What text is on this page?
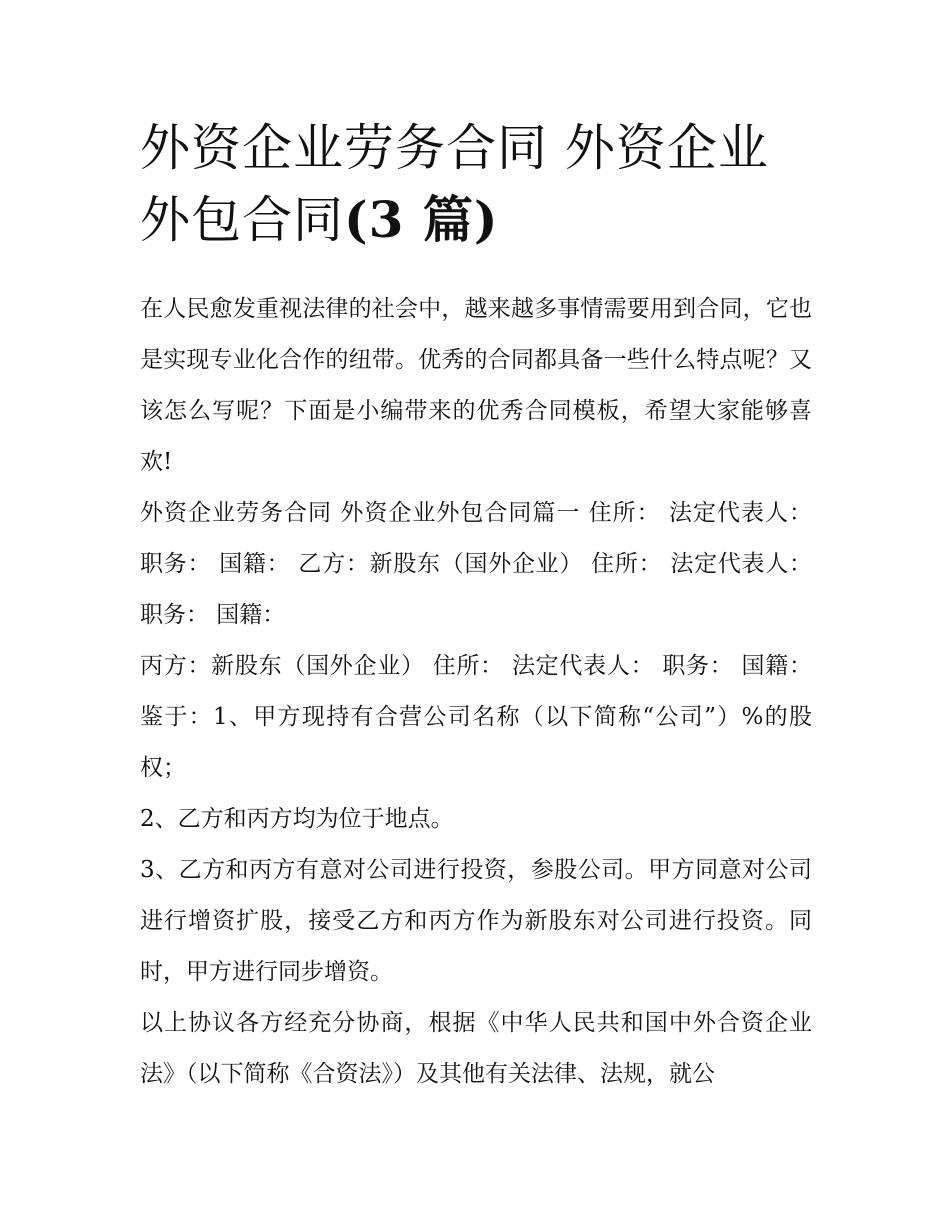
外资企业劳务合同 外资企业外包合同(3 篇)

在人民愈发重视法律的社会中，越来越多事情需要用到合同，它也是实现专业化合作的纽带。优秀的合同都具备一些什么特点呢？又该怎么写呢？下面是小编带来的优秀合同模板，希望大家能够喜欢!

外资企业劳务合同 外资企业外包合同篇一 住所： 法定代表人： 职务： 国籍： 乙方：新股东（国外企业） 住所： 法定代表人： 职务： 国籍：

丙方：新股东（国外企业） 住所： 法定代表人： 职务： 国籍： 鉴于：1、甲方现持有合营公司名称（以下简称“公司”）%的股权；

2、乙方和丙方均为位于地点。

3、乙方和丙方有意对公司进行投资，参股公司。甲方同意对公司进行增资扩股，接受乙方和丙方作为新股东对公司进行投资。同时，甲方进行同步增资。

以上协议各方经充分协商，根据《中华人民共和国中外合资企业法》（以下简称《合资法》）及其他有关法律、法规，就公
